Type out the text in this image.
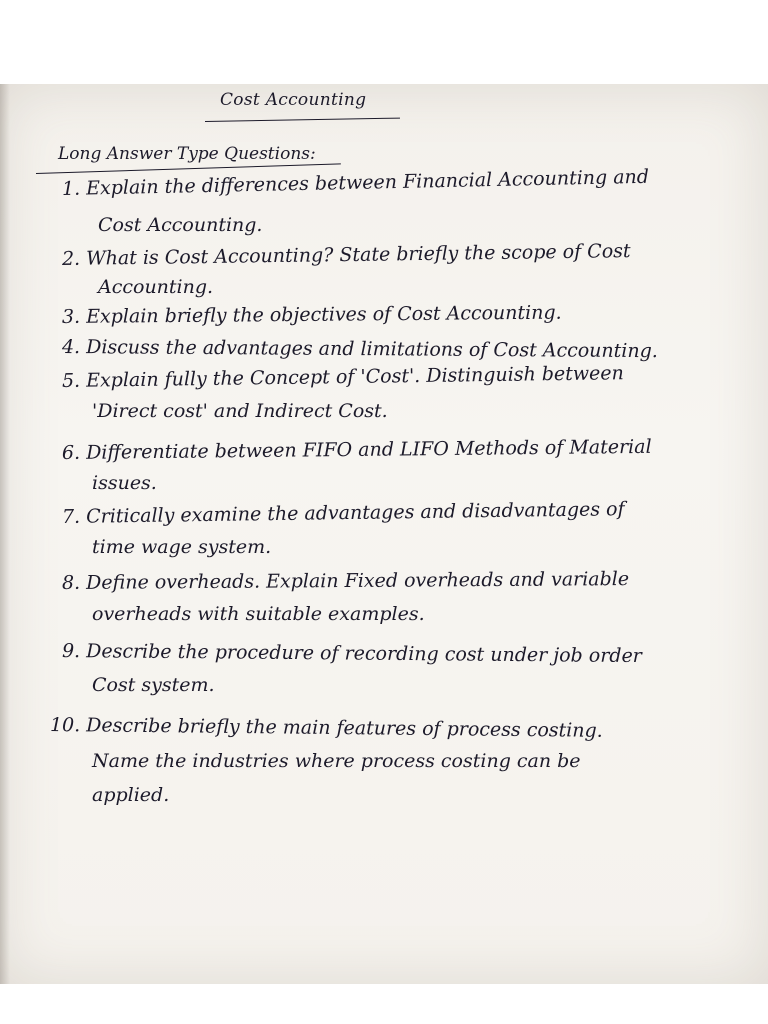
Cost Accounting
Long Answer Type Questions:
1. Explain the differences between Financial Accounting and
Cost Accounting.
2. What is Cost Accounting? State briefly the scope of Cost
Accounting.
3. Explain briefly the objectives of Cost Accounting.
4. Discuss the advantages and limitations of Cost Accounting.
5. Explain fully the Concept of 'Cost'. Distinguish between
'Direct cost' and Indirect Cost.
6. Differentiate between FIFO and LIFO Methods of Material
issues.
7. Critically examine the advantages and disadvantages of
time wage system.
8. Define overheads. Explain Fixed overheads and variable
overheads with suitable examples.
9. Describe the procedure of recording cost under job order
Cost system.
10. Describe briefly the main features of process costing.
Name the industries where process costing can be
applied.
